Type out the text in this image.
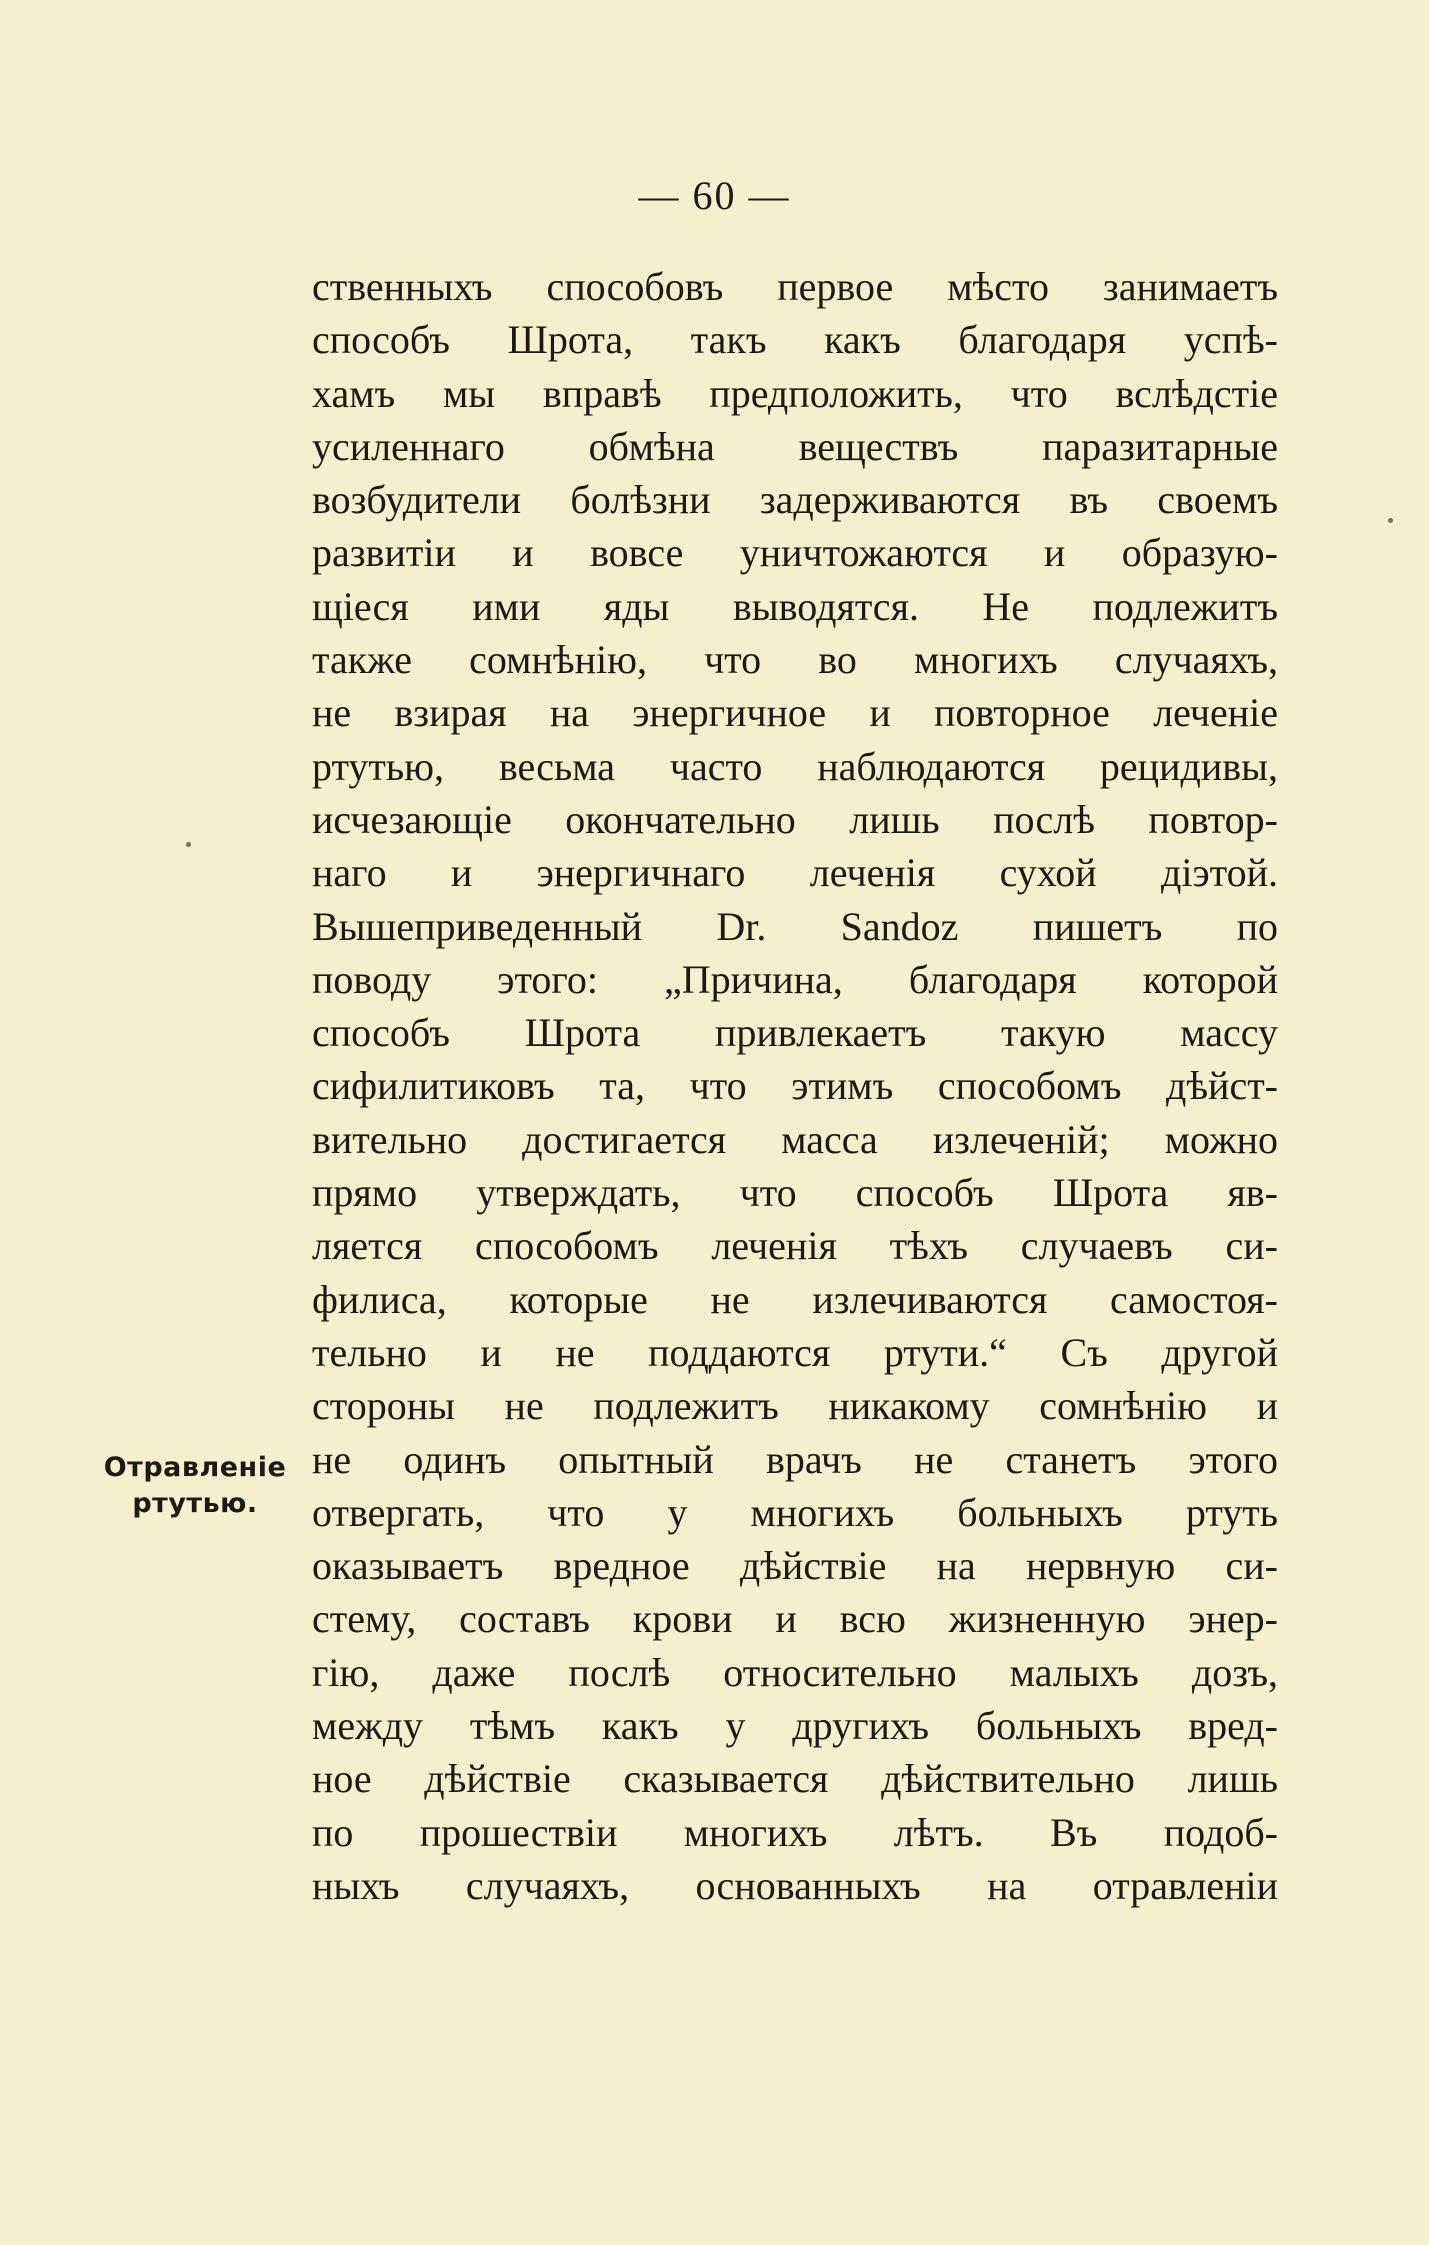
— 60 —
Отравленіе
ртутью.
ственныхъ способовъ первое мѣсто занимаетъ
способъ Шрота, такъ какъ благодаря успѣ-
хамъ мы вправѣ предположить, что вслѣдстіе
усиленнаго обмѣна веществъ паразитарные
возбудители болѣзни задерживаются въ своемъ
развитіи и вовсе уничтожаются и образую-
щіеся ими яды выводятся. Не подлежитъ
также сомнѣнію, что во многихъ случаяхъ,
не взирая на энергичное и повторное леченіе
ртутью, весьма часто наблюдаются рецидивы,
исчезающіе окончательно лишь послѣ повтор-
наго и энергичнаго леченія сухой діэтой.
Вышеприведенный Dr. Sandoz пишетъ по
поводу этого: „Причина, благодаря которой
способъ Шрота привлекаетъ такую массу
сифилитиковъ та, что этимъ способомъ дѣйст-
вительно достигается масса излеченій; можно
прямо утверждать, что способъ Шрота яв-
ляется способомъ леченія тѣхъ случаевъ си-
филиса, которые не излечиваются самостоя-
тельно и не поддаются ртути.“ Съ другой
стороны не подлежитъ никакому сомнѣнію и
не одинъ опытный врачъ не станетъ этого
отвергать, что у многихъ больныхъ ртуть
оказываетъ вредное дѣйствіе на нервную си-
стему, составъ крови и всю жизненную энер-
гію, даже послѣ относительно малыхъ дозъ,
между тѣмъ какъ у другихъ больныхъ вред-
ное дѣйствіе сказывается дѣйствительно лишь
по прошествіи многихъ лѣтъ. Въ подоб-
ныхъ случаяхъ, основанныхъ на отравленіи
